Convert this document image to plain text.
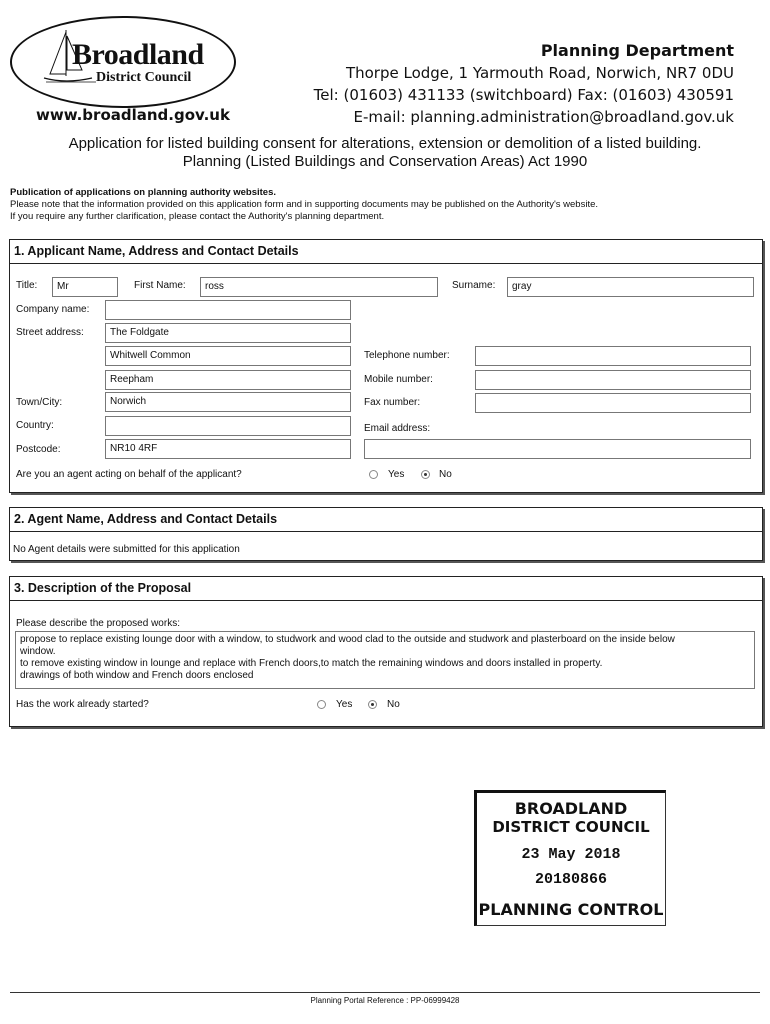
Broadland
District Council
www.broadland.gov.uk
Planning Department
Thorpe Lodge, 1 Yarmouth Road, Norwich, NR7 0DU
Tel: (01603) 431133 (switchboard) Fax: (01603) 430591
E-mail: planning.administration@broadland.gov.uk
Application for listed building consent for alterations, extension or demolition of a listed building.
Planning (Listed Buildings and Conservation Areas) Act 1990
Publication of applications on planning authority websites.
Please note that the information provided on this application form and in supporting documents may be published on the Authority's website.
If you require any further clarification, please contact the Authority's planning department.
1. Applicant Name, Address and Contact Details
Title:	Mr	First Name:	ross	Surname:	gray
Company name:
Street address:	The Foldgate
Whitwell Common	Telephone number:
Reepham	Mobile number:
Town/City:	Norwich	Fax number:
Country:	Email address:
Postcode:	NR10 4RF
Are you an agent acting on behalf of the applicant?	Yes	No
2. Agent Name, Address and Contact Details
No Agent details were submitted for this application
3. Description of the Proposal
Please describe the proposed works:
propose to replace existing lounge door with a window, to studwork and wood clad to the outside and studwork and plasterboard on the inside below
window.
to remove existing window in lounge and replace with French doors,to match the remaining windows and doors installed in property.
drawings of both window and French doors enclosed
Has the work already started?	Yes	No
BROADLAND
DISTRICT COUNCIL
23 May 2018
20180866
PLANNING CONTROL
Planning Portal Reference : PP-06999428
